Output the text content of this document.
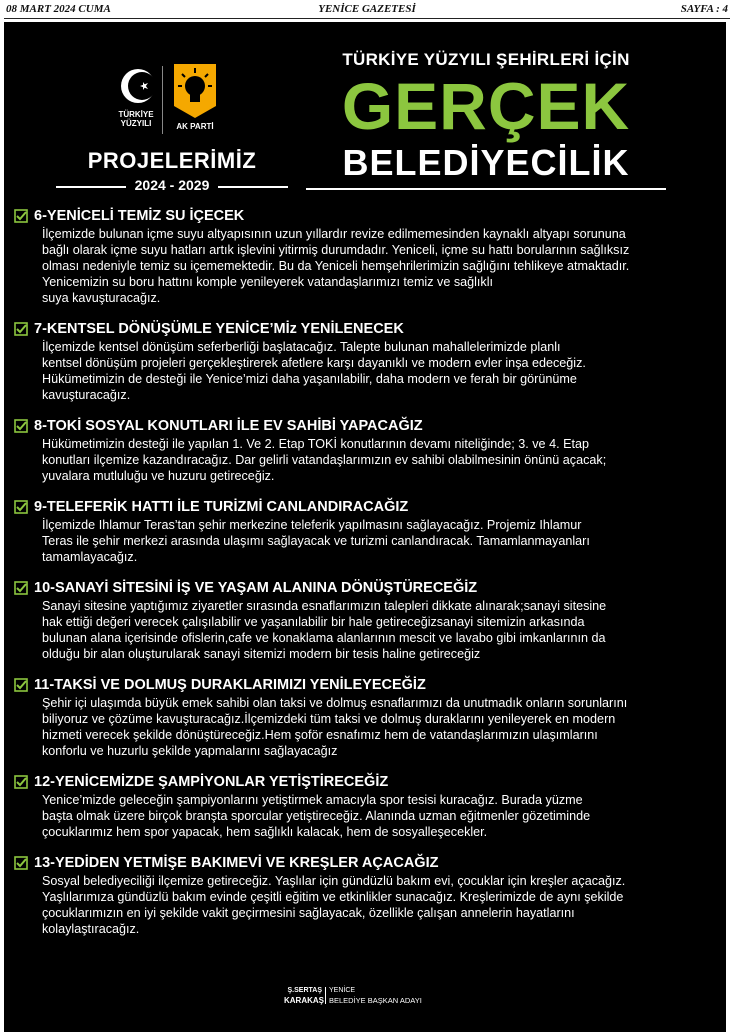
08 MART 2024 CUMA	YENİCE GAZETESİ	SAYFA : 4
TÜRKİYE
YÜZYILI	AK PARTİ
PROJELERİMİZ
2024 - 2029
TÜRKİYE YÜZYILI ŞEHİRLERİ İÇİN
GERÇEK
BELEDİYECİLİK
6-YENİCELİ TEMİZ SU İÇECEK
İlçemizde bulunan içme suyu altyapısının uzun yıllardır revize edilmemesinden kaynaklı altyapı sorununa
bağlı olarak içme suyu hatları artık işlevini yitirmiş durumdadır. Yeniceli, içme su hattı borularının sağlıksız
olması nedeniyle temiz su içememektedir. Bu da Yeniceli hemşehrilerimizin sağlığını tehlikeye atmaktadır.
Yenicemizin su boru hattını komple yenileyerek vatandaşlarımızı temiz ve sağlıklı
suya kavuşturacağız.
7-KENTSEL DÖNÜŞÜMLE YENİCE’Mİz YENİLENECEK
İlçemizde kentsel dönüşüm seferberliği başlatacağız. Talepte bulunan mahallelerimizde planlı
kentsel dönüşüm projeleri gerçekleştirerek afetlere karşı dayanıklı ve modern evler inşa edeceğiz.
Hükümetimizin de desteği ile Yenice’mizi daha yaşanılabilir, daha modern ve ferah bir görünüme
kavuşturacağız.
8-TOKİ SOSYAL KONUTLARI İLE EV SAHİBİ YAPACAĞIZ
Hükümetimizin desteği ile yapılan 1. Ve 2. Etap TOKİ konutlarının devamı niteliğinde; 3. ve 4. Etap
konutları ilçemize kazandıracağız. Dar gelirli vatandaşlarımızın ev sahibi olabilmesinin önünü açacak;
yuvalara mutluluğu ve huzuru getireceğiz.
9-TELEFERİK HATTI İLE TURİZMİ CANLANDIRACAĞIZ
İlçemizde Ihlamur Teras’tan şehir merkezine teleferik yapılmasını sağlayacağız. Projemiz Ihlamur
Teras ile şehir merkezi arasında ulaşımı sağlayacak ve turizmi canlandıracak. Tamamlanmayanları
tamamlayacağız.
10-SANAYİ SİTESİNİ İŞ VE YAŞAM ALANINA DÖNÜŞTÜRECEĞİZ
Sanayi sitesine yaptığımız ziyaretler sırasında esnaflarımızın talepleri dikkate alınarak;sanayi sitesine
hak ettiği değeri verecek çalışılabilir ve yaşanılabilir bir hale getireceğizsanayi sitemizin arkasında
bulunan alana içerisinde ofislerin,cafe ve konaklama alanlarının mescit ve lavabo gibi imkanlarının da
olduğu bir alan oluşturularak sanayi sitemizi modern bir tesis haline getireceğiz
11-TAKSİ VE DOLMUŞ DURAKLARIMIZI YENİLEYECEĞİZ
Şehir içi ulaşımda büyük emek sahibi olan taksi ve dolmuş esnaflarımızı da unutmadık onların sorunlarını
biliyoruz ve çözüme kavuşturacağız.İlçemizdeki tüm taksi ve dolmuş duraklarını yenileyerek en modern
hizmeti verecek şekilde dönüştüreceğiz.Hem şoför esnafımız hem de vatandaşlarımızın ulaşımlarını
konforlu ve huzurlu şekilde yapmalarını sağlayacağız
12-YENİCEMİZDE ŞAMPİYONLAR YETİŞTİRECEĞİZ
Yenice’mizde geleceğin şampiyonlarını yetiştirmek amacıyla spor tesisi kuracağız. Burada yüzme
başta olmak üzere birçok branşta sporcular yetiştireceğiz. Alanında uzman eğitmenler gözetiminde
çocuklarımız hem spor yapacak, hem sağlıklı kalacak, hem de sosyalleşecekler.
13-YEDİDEN YETMİŞE BAKIMEVİ VE KREŞLER AÇACAĞIZ
Sosyal belediyeciliği ilçemize getireceğiz. Yaşlılar için gündüzlü bakım evi, çocuklar için kreşler açacağız.
Yaşlılarımıza gündüzlü bakım evinde çeşitli eğitim ve etkinlikler sunacağız. Kreşlerimizde de aynı şekilde
çocuklarımızın en iyi şekilde vakit geçirmesini sağlayacak, özellikle çalışan annelerin hayatlarını
kolaylaştıracağız.
Ş.SERTAŞ
KARAKAŞ
YENİCE
BELEDİYE BAŞKAN ADAYI
